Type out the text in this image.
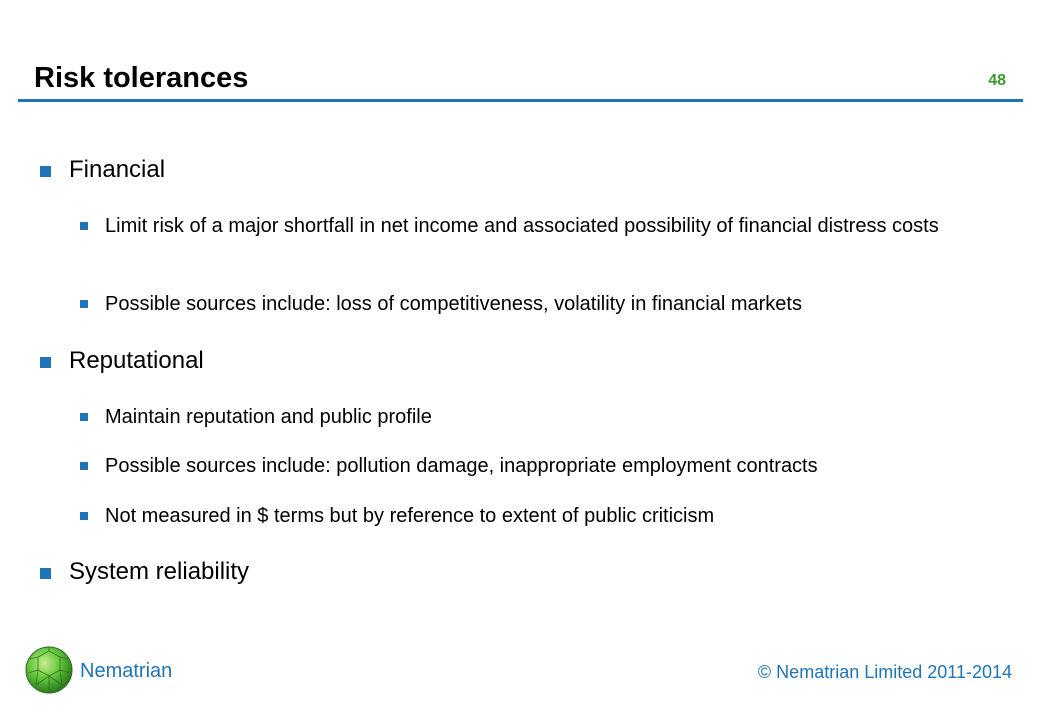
Risk tolerances	48
Financial
Limit risk of a major shortfall in net income and associated possibility of financial distress costs
Possible sources include: loss of competitiveness, volatility in financial markets
Reputational
Maintain reputation and public profile
Possible sources include: pollution damage, inappropriate employment contracts
Not measured in $ terms but by reference to extent of public criticism
System reliability
Nematrian	© Nematrian Limited 2011-2014
